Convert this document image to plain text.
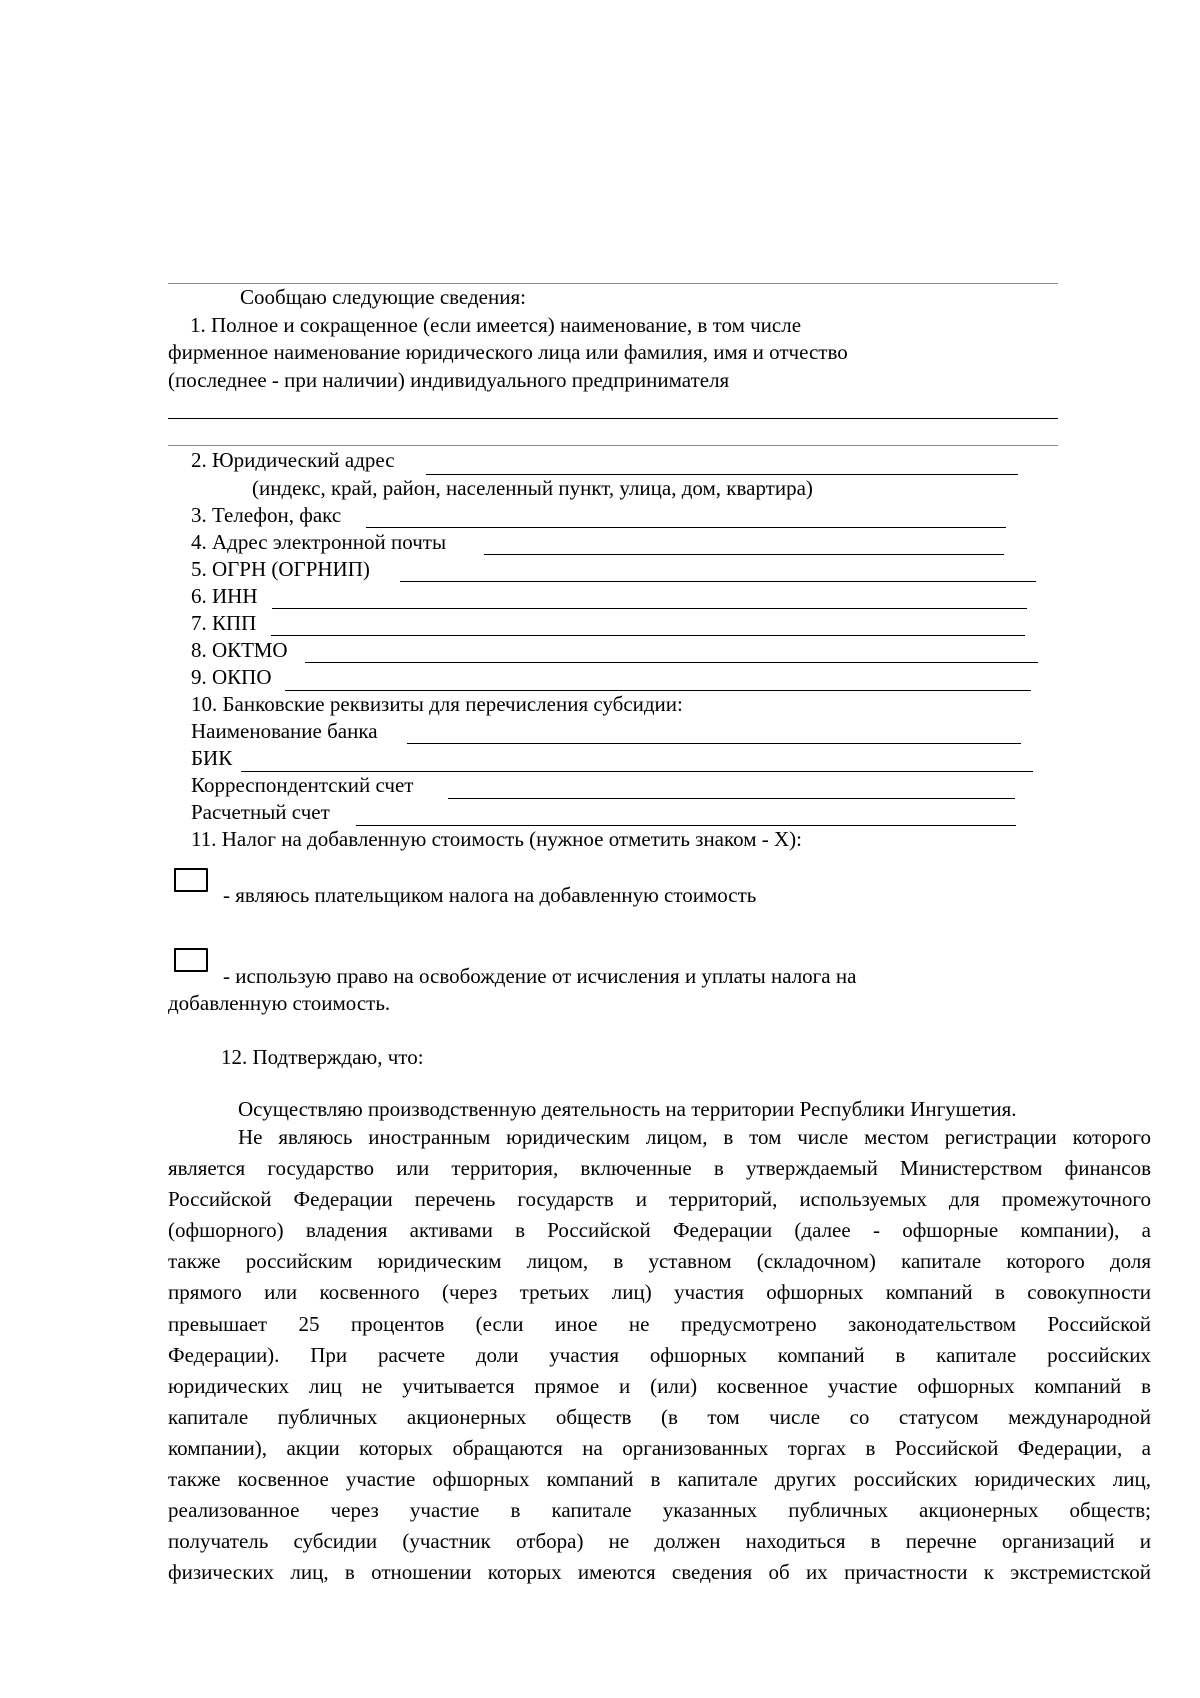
Сообщаю следующие сведения:
1. Полное и сокращенное (если имеется) наименование, в том числе
фирменное наименование юридического лица или фамилия, имя и отчество
(последнее - при наличии) индивидуального предпринимателя
2. Юридический адрес
(индекс, край, район, населенный пункт, улица, дом, квартира)
3. Телефон, факс
4. Адрес электронной почты
5. ОГРН (ОГРНИП)
6. ИНН
7. КПП
8. ОКТМО
9. ОКПО
10. Банковские реквизиты для перечисления субсидии:
Наименование банка
БИК
Корреспондентский счет
Расчетный счет
11. Налог на добавленную стоимость (нужное отметить знаком - Х):
- являюсь плательщиком налога на добавленную стоимость
- использую право на освобождение от исчисления и уплаты налога на
добавленную стоимость.
12. Подтверждаю, что:
Осуществляю производственную деятельность на территории Республики Ингушетия.
Не являюсь иностранным юридическим лицом, в том числе местом регистрации которого
является государство или территория, включенные в утверждаемый Министерством финансов
Российской Федерации перечень государств и территорий, используемых для промежуточного
(офшорного) владения активами в Российской Федерации (далее - офшорные компании), а
также российским юридическим лицом, в уставном (складочном) капитале которого доля
прямого или косвенного (через третьих лиц) участия офшорных компаний в совокупности
превышает 25 процентов (если иное не предусмотрено законодательством Российской
Федерации). При расчете доли участия офшорных компаний в капитале российских
юридических лиц не учитывается прямое и (или) косвенное участие офшорных компаний в
капитале публичных акционерных обществ (в том числе со статусом международной
компании), акции которых обращаются на организованных торгах в Российской Федерации, а
также косвенное участие офшорных компаний в капитале других российских юридических лиц,
реализованное через участие в капитале указанных публичных акционерных обществ;
получатель субсидии (участник отбора) не должен находиться в перечне организаций и
физических лиц, в отношении которых имеются сведения об их причастности к экстремистской
